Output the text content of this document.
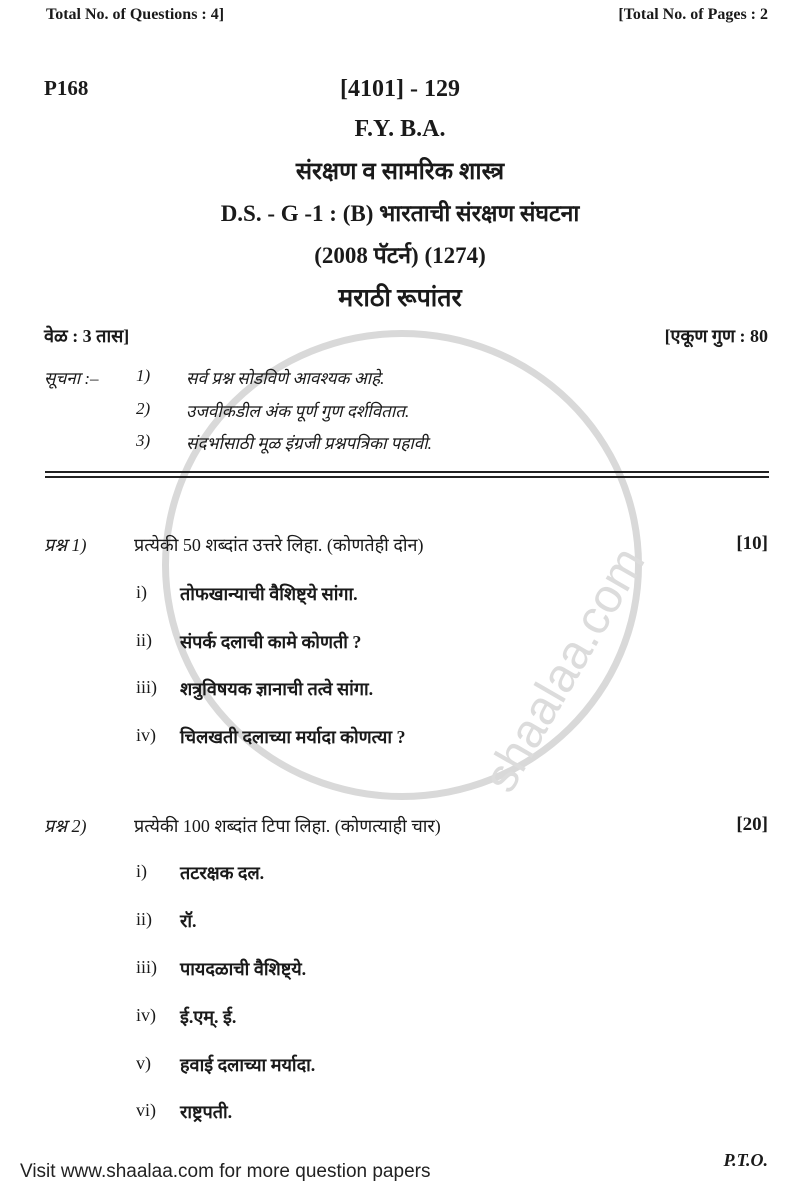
shaalaa.com
Total No. of Questions : 4]	[Total No. of Pages : 2
P168	[4101] - 129
F.Y. B.A.
संरक्षण व सामरिक शास्त्र
D.S. - G -1 : (B) भारताची संरक्षण संघटना
(2008 पॅटर्न) (1274)
मराठी रूपांतर
वेळ : 3 तास]	[एकूण गुण : 80
सूचना :– 1) सर्व प्रश्न सोडविणे आवश्यक आहे.
2) उजवीकडील अंक पूर्ण गुण दर्शवितात.
3) संदर्भासाठी मूळ इंग्रजी प्रश्नपत्रिका पहावी.
प्रश्न 1)	प्रत्येकी 50 शब्दांत उत्तरे लिहा. (कोणतेही दोन)	[10]
i) तोफखान्याची वैशिष्ट्ये सांगा.
ii) संपर्क दलाची कामे कोणती ?
iii) शत्रुविषयक ज्ञानाची तत्वे सांगा.
iv) चिलखती दलाच्या मर्यादा कोणत्या ?
प्रश्न 2)	प्रत्येकी 100 शब्दांत टिपा लिहा. (कोणत्याही चार)	[20]
i) तटरक्षक दल.
ii) रॉ.
iii) पायदळाची वैशिष्ट्ये.
iv) ई.एम्. ई.
v) हवाई दलाच्या मर्यादा.
vi) राष्ट्रपती.
P.T.O.
Visit www.shaalaa.com for more question papers
